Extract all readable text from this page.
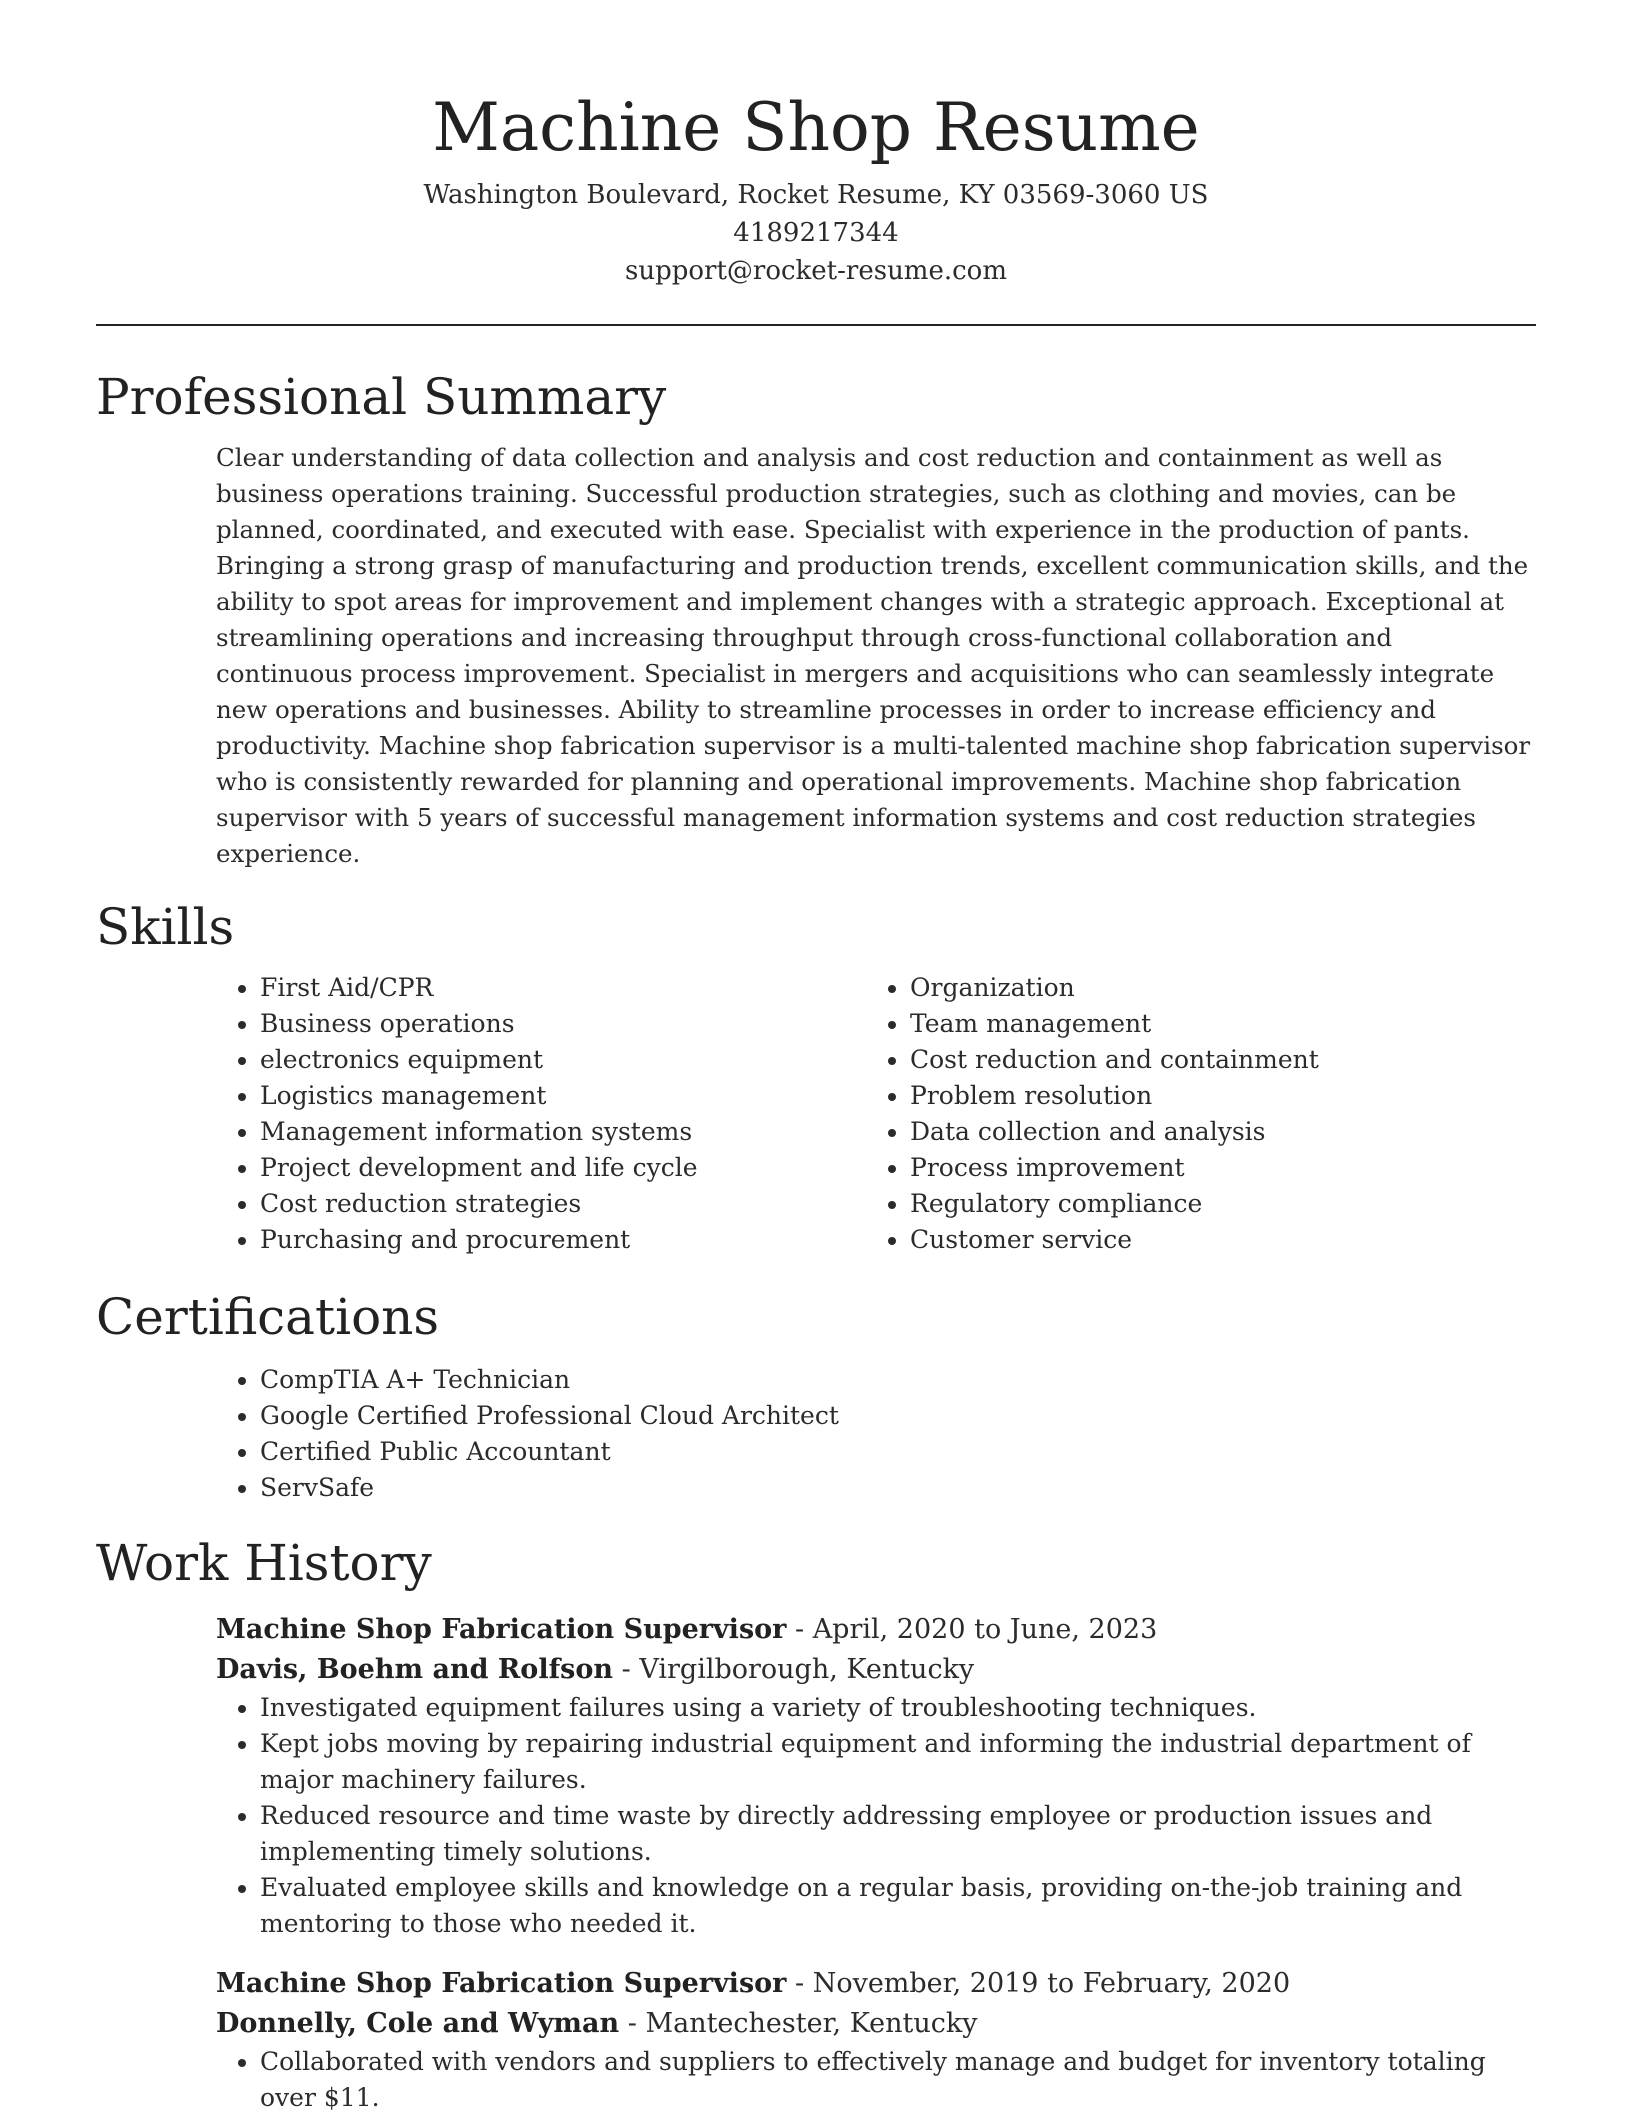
Machine Shop Resume
Washington Boulevard, Rocket Resume, KY 03569-3060 US
4189217344
support@rocket-resume.com
Professional Summary

Clear understanding of data collection and analysis and cost reduction and containment as well as business operations training. Successful production strategies, such as clothing and movies, can be planned, coordinated, and executed with ease. Specialist with experience in the production of pants. Bringing a strong grasp of manufacturing and production trends, excellent communication skills, and the ability to spot areas for improvement and implement changes with a strategic approach. Exceptional at streamlining operations and increasing throughput through cross-functional collaboration and continuous process improvement. Specialist in mergers and acquisitions who can seamlessly integrate new operations and businesses. Ability to streamline processes in order to increase efficiency and productivity. Machine shop fabrication supervisor is a multi-talented machine shop fabrication supervisor who is consistently rewarded for planning and operational improvements. Machine shop fabrication supervisor with 5 years of successful management information systems and cost reduction strategies experience.

Skills
• First Aid/CPR
• Business operations
• electronics equipment
• Logistics management
• Management information systems
• Project development and life cycle
• Cost reduction strategies
• Purchasing and procurement
• Organization
• Team management
• Cost reduction and containment
• Problem resolution
• Data collection and analysis
• Process improvement
• Regulatory compliance
• Customer service
Certifications
• CompTIA A+ Technician
• Google Certified Professional Cloud Architect
• Certified Public Accountant
• ServSafe
Work History
Machine Shop Fabrication Supervisor - April, 2020 to June, 2023
Davis, Boehm and Rolfson - Virgilborough, Kentucky
• Investigated equipment failures using a variety of troubleshooting techniques.
• Kept jobs moving by repairing industrial equipment and informing the industrial department of major machinery failures.
• Reduced resource and time waste by directly addressing employee or production issues and implementing timely solutions.
• Evaluated employee skills and knowledge on a regular basis, providing on-the-job training and mentoring to those who needed it.
Machine Shop Fabrication Supervisor - November, 2019 to February, 2020
Donnelly, Cole and Wyman - Mantechester, Kentucky
• Collaborated with vendors and suppliers to effectively manage and budget for inventory totaling over $11.
